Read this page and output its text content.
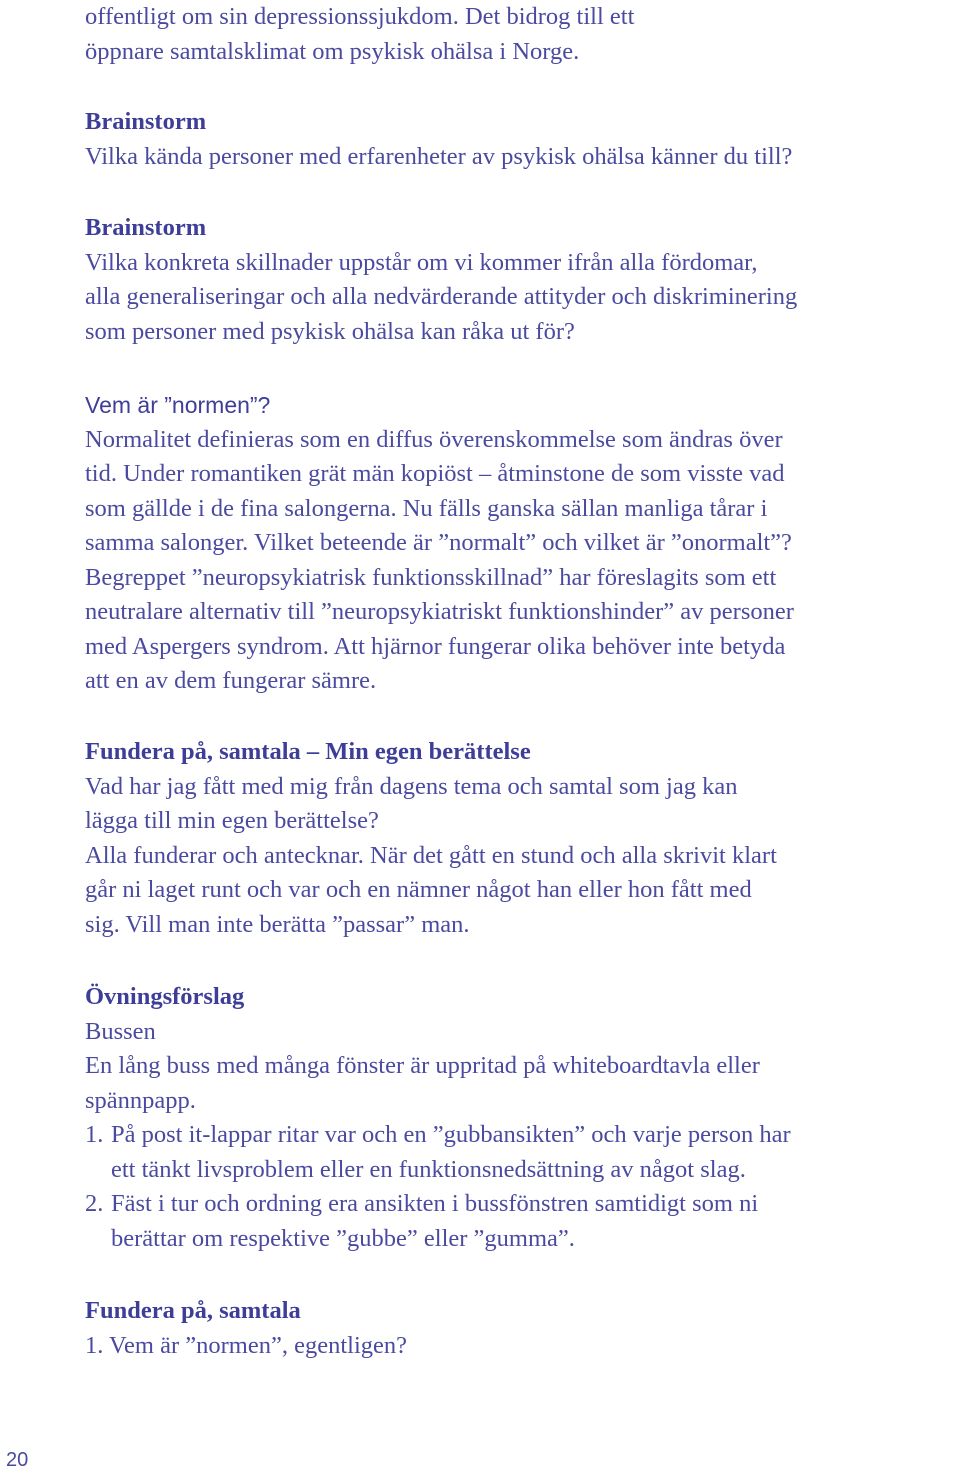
offentligt om sin depressionssjukdom. Det bidrog till ett

öppnare samtalsklimat om psykisk ohälsa i Norge.

Brainstorm

Vilka kända personer med erfarenheter av psykisk ohälsa känner du till?

Brainstorm

Vilka konkreta skillnader uppstår om vi kommer ifrån alla fördomar,

alla generaliseringar och alla nedvärderande attityder och diskriminering

som personer med psykisk ohälsa kan råka ut för?

Vem är ”normen”?

Normalitet definieras som en diffus överenskommelse som ändras över

tid. Under romantiken grät män kopiöst – åtminstone de som visste vad

som gällde i de fina salongerna. Nu fälls ganska sällan manliga tårar i

samma salonger. Vilket beteende är ”normalt” och vilket är ”onormalt”?

Begreppet ”neuropsykiatrisk funktionsskillnad” har föreslagits som ett

neutralare alternativ till ”neuropsykiatriskt funktionshinder” av personer

med Aspergers syndrom. Att hjärnor fungerar olika behöver inte betyda

att en av dem fungerar sämre.

Fundera på, samtala – Min egen berättelse

Vad har jag fått med mig från dagens tema och samtal som jag kan

lägga till min egen berättelse?

Alla funderar och antecknar. När det gått en stund och alla skrivit klart

går ni laget runt och var och en nämner något han eller hon fått med

sig. Vill man inte berätta ”passar” man.

Övningsförslag

Bussen

En lång buss med många fönster är uppritad på whiteboardtavla eller

spännpapp.

1. På post it-lappar ritar var och en ”gubbansikten” och varje person har

ett tänkt livsproblem eller en funktionsnedsättning av något slag.

2. Fäst i tur och ordning era ansikten i bussfönstren samtidigt som ni

berättar om respektive ”gubbe” eller ”gumma”.

Fundera på, samtala

1. Vem är ”normen”, egentligen?

20
